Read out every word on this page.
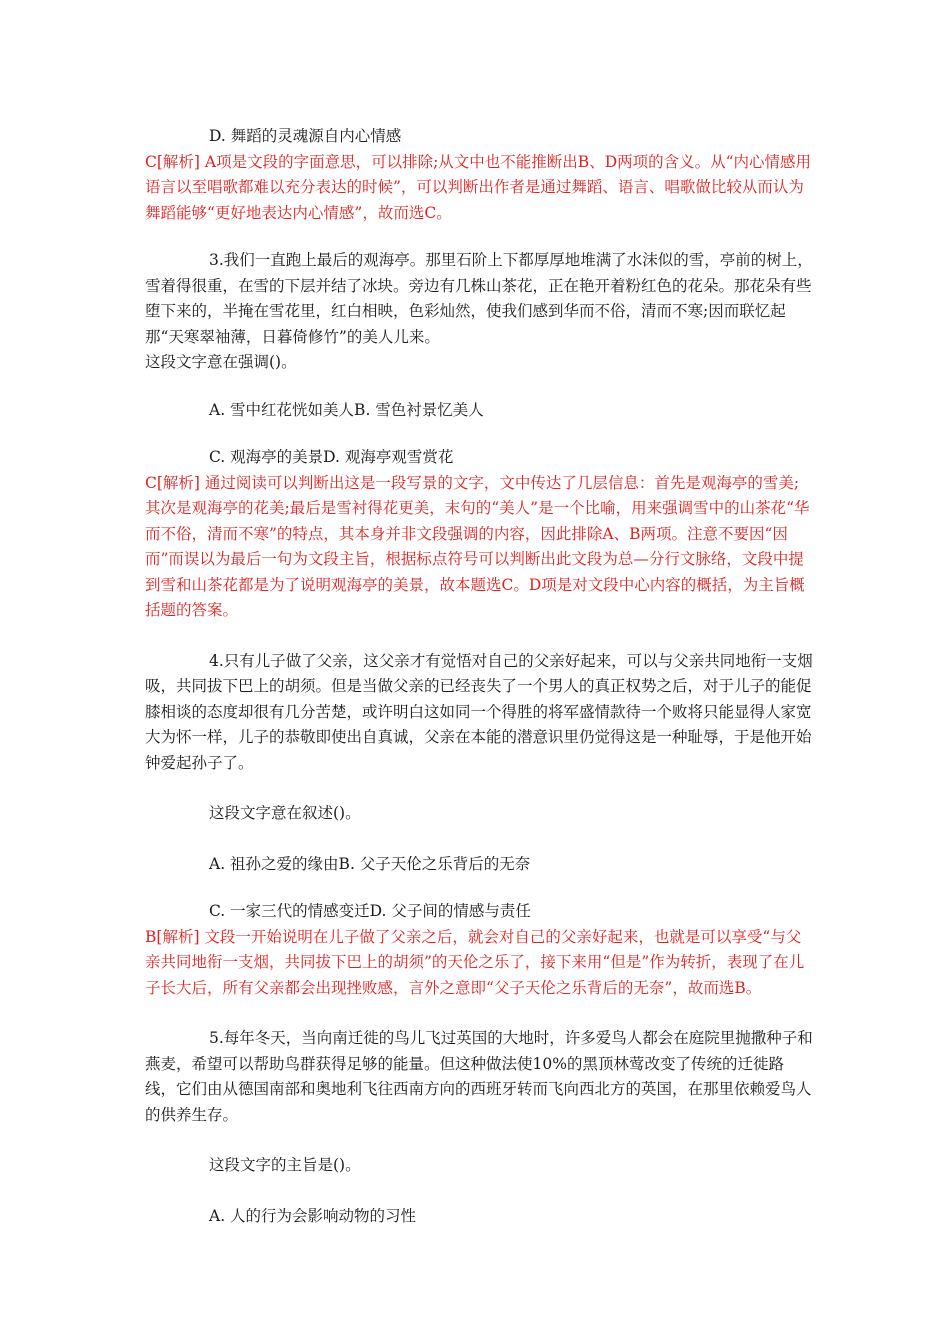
D. 舞蹈的灵魂源自内心情感

C[解析] A项是文段的字面意思，可以排除;从文中也不能推断出B、D两项的含义。从“内心情感用语言以至唱歌都难以充分表达的时候”，可以判断出作者是通过舞蹈、语言、唱歌做比较从而认为舞蹈能够“更好地表达内心情感”，故而选C。

3.我们一直跑上最后的观海亭。那里石阶上下都厚厚地堆满了水沫似的雪，亭前的树上，雪着得很重，在雪的下层并结了冰块。旁边有几株山茶花，正在艳开着粉红色的花朵。那花朵有些堕下来的，半掩在雪花里，红白相映，色彩灿然，使我们感到华而不俗，清而不寒;因而联忆起那“天寒翠袖薄，日暮倚修竹”的美人儿来。

这段文字意在强调()。

A. 雪中红花恍如美人B. 雪色衬景忆美人

C. 观海亭的美景D. 观海亭观雪赏花

C[解析] 通过阅读可以判断出这是一段写景的文字，文中传达了几层信息：首先是观海亭的雪美;其次是观海亭的花美;最后是雪衬得花更美，末句的“美人”是一个比喻，用来强调雪中的山茶花“华而不俗，清而不寒”的特点，其本身并非文段强调的内容，因此排除A、B两项。注意不要因“因而”而误以为最后一句为文段主旨，根据标点符号可以判断出此文段为总—分行文脉络，文段中提到雪和山茶花都是为了说明观海亭的美景，故本题选C。D项是对文段中心内容的概括，为主旨概括题的答案。

4.只有儿子做了父亲，这父亲才有觉悟对自己的父亲好起来，可以与父亲共同地衔一支烟吸，共同拔下巴上的胡须。但是当做父亲的已经丧失了一个男人的真正权势之后，对于儿子的能促膝相谈的态度却很有几分苦楚，或许明白这如同一个得胜的将军盛情款待一个败将只能显得人家宽大为怀一样，儿子的恭敬即使出自真诚，父亲在本能的潜意识里仍觉得这是一种耻辱，于是他开始钟爱起孙子了。

这段文字意在叙述()。

A. 祖孙之爱的缘由B. 父子天伦之乐背后的无奈

C. 一家三代的情感变迁D. 父子间的情感与责任

B[解析] 文段一开始说明在儿子做了父亲之后，就会对自己的父亲好起来，也就是可以享受“与父亲共同地衔一支烟，共同拔下巴上的胡须”的天伦之乐了，接下来用“但是”作为转折，表现了在儿子长大后，所有父亲都会出现挫败感，言外之意即“父子天伦之乐背后的无奈”，故而选B。

5.每年冬天，当向南迁徙的鸟儿飞过英国的大地时，许多爱鸟人都会在庭院里抛撒种子和燕麦，希望可以帮助鸟群获得足够的能量。但这种做法使10%的黑顶林莺改变了传统的迁徙路线，它们由从德国南部和奥地利飞往西南方向的西班牙转而飞向西北方的英国，在那里依赖爱鸟人的供养生存。

这段文字的主旨是()。

A. 人的行为会影响动物的习性
